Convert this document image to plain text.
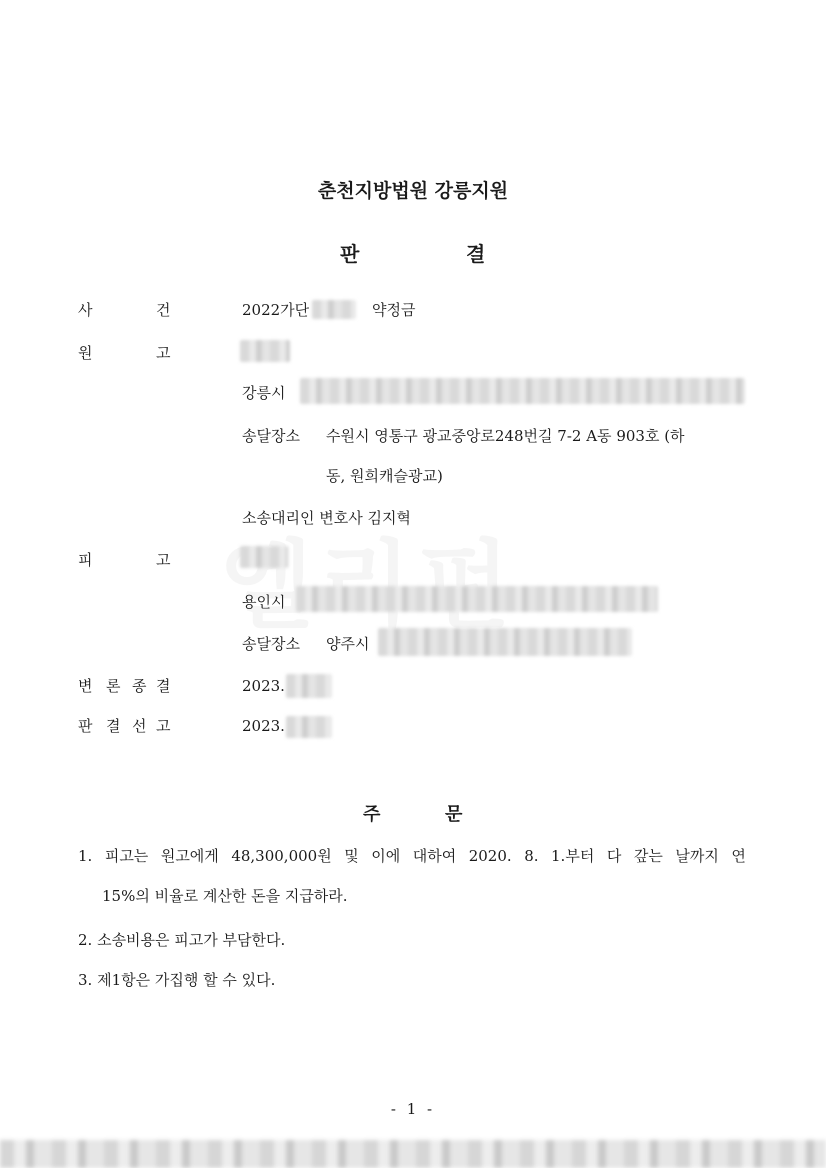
춘천지방법원 강릉지원
판	결
사	건	2022가단	약정금
원	고
강릉시
송달장소 수원시 영통구 광교중앙로248번길 7-2 A동 903호 (하
동, 원희캐슬광교)
소송대리인 변호사 김지혁
피	고
용인시
송달장소 양주시
변 론 종 결	2023.
판 결 선 고	2023.
주	문
1. 피고는 원고에게 48,300,000원 및 이에 대하여 2020. 8. 1.부터 다 갚는 날까지 연
15%의 비율로 계산한 돈을 지급하라.
2. 소송비용은 피고가 부담한다.
3. 제1항은 가집행 할 수 있다.
- 1 -
